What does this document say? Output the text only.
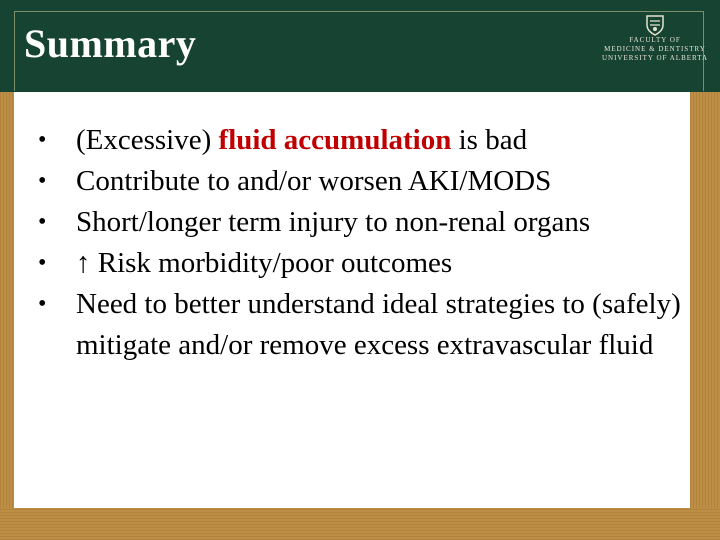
Summary	FACULTY OF
MEDICINE & DENTISTRY
UNIVERSITY OF ALBERTA
• (Excessive) fluid accumulation is bad
• Contribute to and/or worsen AKI/MODS
• Short/longer term injury to non-renal organs
• ↑ Risk morbidity/poor outcomes
• Need to better understand ideal strategies to (safely) mitigate and/or remove excess extravascular fluid
